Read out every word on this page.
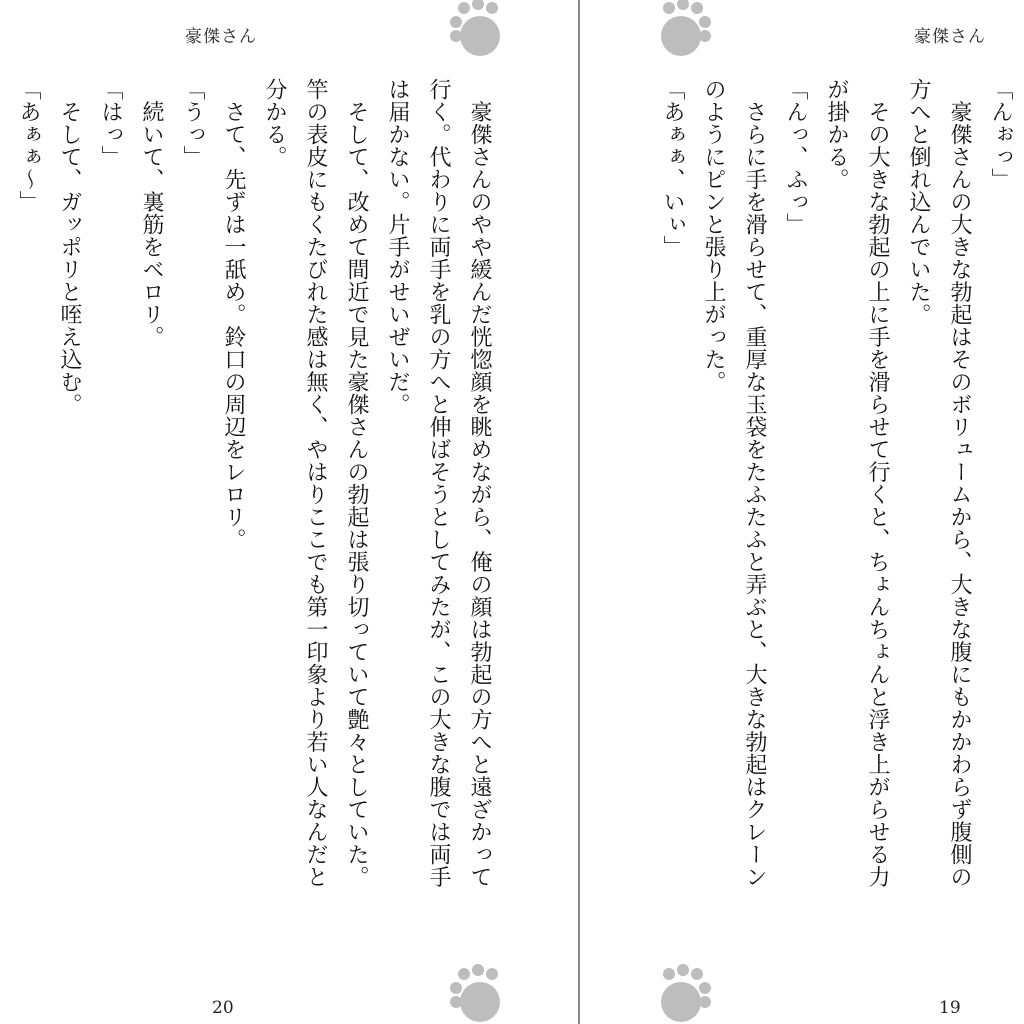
豪傑さん
　豪傑さんのやや緩んだ恍惚顔を眺めながら、俺の顔は勃起の方へと遠ざかって
行く。代わりに両手を乳の方へと伸ばそうとしてみたが、この大きな腹では両手
は届かない。片手がせいぜいだ。
　そして、改めて間近で見た豪傑さんの勃起は張り切っていて艶々としていた。
竿の表皮にもくたびれた感は無く、やはりここでも第一印象より若い人なんだと
分かる。
　さて、先ずは一舐め。鈴口の周辺をレロリ。
「うっ」
　続いて、裏筋をベロリ。
「はっ」
　そして、ガッポリと咥え込む。
「あぁぁ〜」
20
豪傑さん
「んぉっ」
　豪傑さんの大きな勃起はそのボリュームから、大きな腹にもかかわらず腹側の
方へと倒れ込んでいた。
　その大きな勃起の上に手を滑らせて行くと、ちょんちょんと浮き上がらせる力
が掛かる。
「んっ、ふっ」
　さらに手を滑らせて、重厚な玉袋をたふたふと弄ぶと、大きな勃起はクレーン
のようにピンと張り上がった。
「あぁぁ、いぃ」
19
